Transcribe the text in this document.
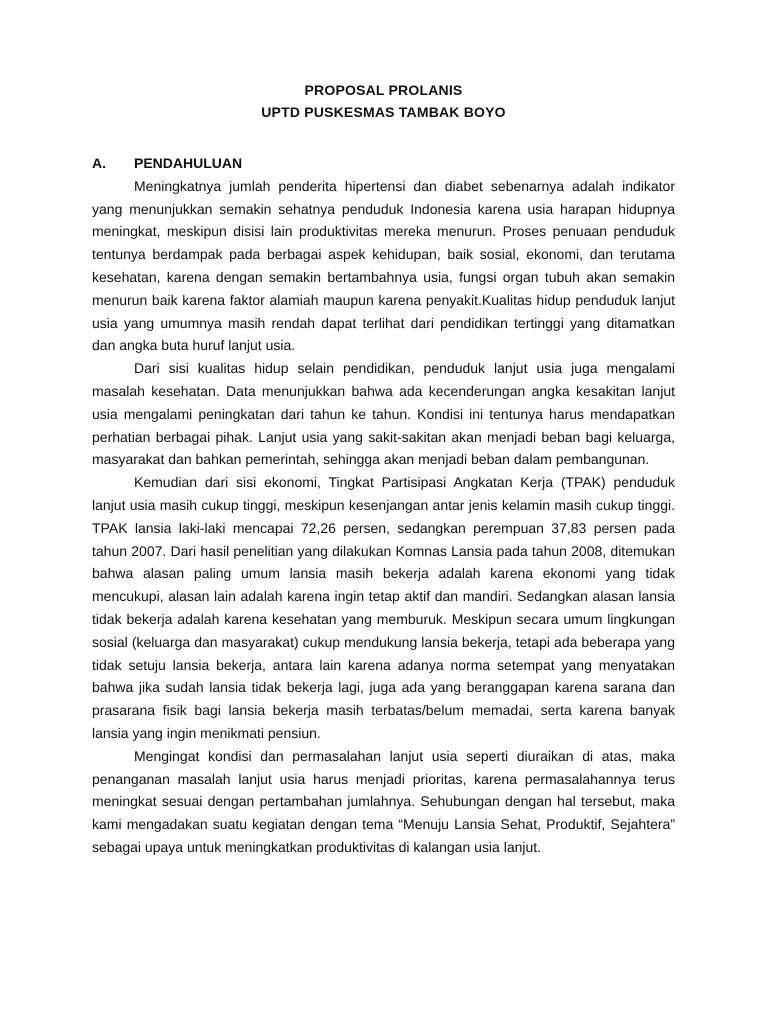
PROPOSAL PROLANIS
UPTD PUSKESMAS TAMBAK BOYO
A.	PENDAHULUAN

Meningkatnya jumlah penderita hipertensi dan diabet sebenarnya adalah indikator yang menunjukkan semakin sehatnya penduduk Indonesia karena usia harapan hidupnya meningkat, meskipun disisi lain produktivitas mereka menurun. Proses penuaan penduduk tentunya berdampak pada berbagai aspek kehidupan, baik sosial, ekonomi, dan terutama kesehatan, karena dengan semakin bertambahnya usia, fungsi organ tubuh akan semakin menurun baik karena faktor alamiah maupun karena penyakit.Kualitas hidup penduduk lanjut usia yang umumnya masih rendah dapat terlihat dari pendidikan tertinggi yang ditamatkan dan angka buta huruf lanjut usia.

Dari sisi kualitas hidup selain pendidikan, penduduk lanjut usia juga mengalami masalah kesehatan. Data menunjukkan bahwa ada kecenderungan angka kesakitan lanjut usia mengalami peningkatan dari tahun ke tahun. Kondisi ini tentunya harus mendapatkan perhatian berbagai pihak. Lanjut usia yang sakit-sakitan akan menjadi beban bagi keluarga, masyarakat dan bahkan pemerintah, sehingga akan menjadi beban dalam pembangunan.

Kemudian dari sisi ekonomi, Tingkat Partisipasi Angkatan Kerja (TPAK) penduduk lanjut usia masih cukup tinggi, meskipun kesenjangan antar jenis kelamin masih cukup tinggi. TPAK lansia laki-laki mencapai 72,26 persen, sedangkan perempuan 37,83 persen pada tahun 2007. Dari hasil penelitian yang dilakukan Komnas Lansia pada tahun 2008, ditemukan bahwa alasan paling umum lansia masih bekerja adalah karena ekonomi yang tidak mencukupi, alasan lain adalah karena ingin tetap aktif dan mandiri. Sedangkan alasan lansia tidak bekerja adalah karena kesehatan yang memburuk. Meskipun secara umum lingkungan sosial (keluarga dan masyarakat) cukup mendukung lansia bekerja, tetapi ada beberapa yang tidak setuju lansia bekerja, antara lain karena adanya norma setempat yang menyatakan bahwa jika sudah lansia tidak bekerja lagi, juga ada yang beranggapan karena sarana dan prasarana fisik bagi lansia bekerja masih terbatas/belum memadai, serta karena banyak lansia yang ingin menikmati pensiun.

Mengingat kondisi dan permasalahan lanjut usia seperti diuraikan di atas, maka penanganan masalah lanjut usia harus menjadi prioritas, karena permasalahannya terus meningkat sesuai dengan pertambahan jumlahnya. Sehubungan dengan hal tersebut, maka kami mengadakan suatu kegiatan dengan tema “Menuju Lansia Sehat, Produktif, Sejahtera” sebagai upaya untuk meningkatkan produktivitas di kalangan usia lanjut.
